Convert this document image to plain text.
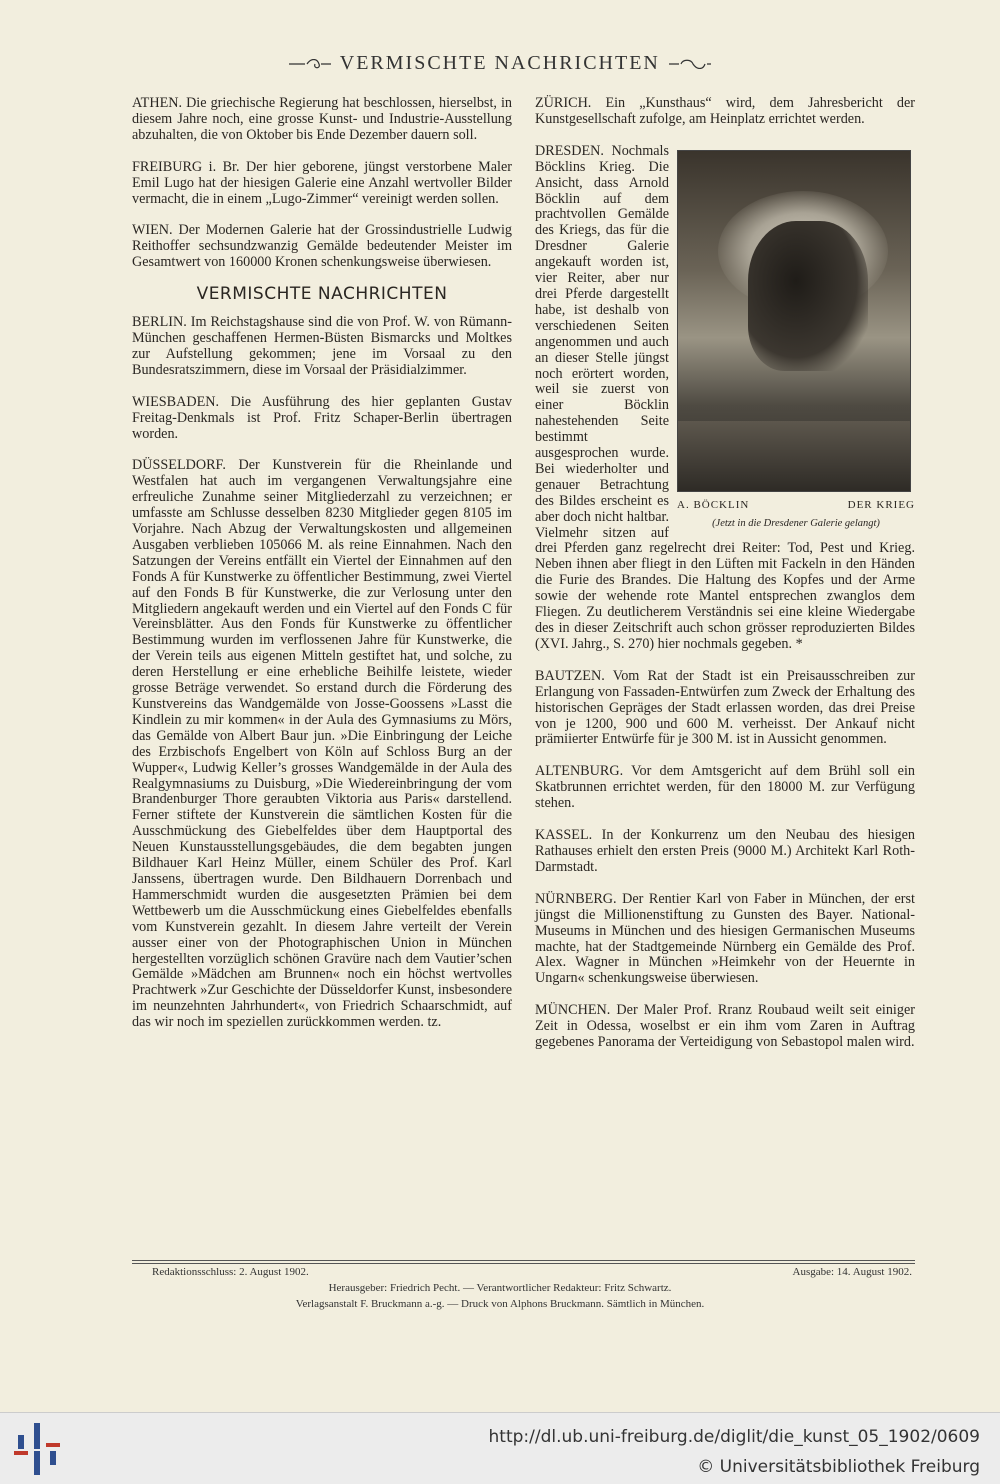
VERMISCHTE NACHRICHTEN

ATHEN. Die griechische Regierung hat beschlossen, hierselbst, in diesem Jahre noch, eine grosse Kunst- und Industrie-Ausstellung abzuhalten, die von Oktober bis Ende Dezember dauern soll.

FREIBURG i. Br. Der hier geborene, jüngst verstorbene Maler Emil Lugo hat der hiesigen Galerie eine Anzahl wertvoller Bilder vermacht, die in einem „Lugo-Zimmer“ vereinigt werden sollen.

WIEN. Der Modernen Galerie hat der Grossindustrielle Ludwig Reithoffer sechsundzwanzig Gemälde bedeutender Meister im Gesamtwert von 160000 Kronen schenkungsweise überwiesen.

VERMISCHTE NACHRICHTEN

BERLIN. Im Reichstagshause sind die von Prof. W. von Rümann-München geschaffenen Hermen-Büsten Bismarcks und Moltkes zur Aufstellung gekommen; jene im Vorsaal zu den Bundesratszimmern, diese im Vorsaal der Präsidialzimmer.

WIESBADEN. Die Ausführung des hier geplanten Gustav Freitag-Denkmals ist Prof. Fritz Schaper-Berlin übertragen worden.

DÜSSELDORF. Der Kunstverein für die Rheinlande und Westfalen hat auch im vergangenen Verwaltungsjahre eine erfreuliche Zunahme seiner Mitgliederzahl zu verzeichnen; er umfasste am Schlusse desselben 8230 Mitglieder gegen 8105 im Vorjahre. Nach Abzug der Verwaltungskosten und allgemeinen Ausgaben verblieben 105066 M. als reine Einnahmen. Nach den Satzungen der Vereins entfällt ein Viertel der Einnahmen auf den Fonds A für Kunstwerke zu öffentlicher Bestimmung, zwei Viertel auf den Fonds B für Kunstwerke, die zur Verlosung unter den Mitgliedern angekauft werden und ein Viertel auf den Fonds C für Vereinsblätter. Aus den Fonds für Kunstwerke zu öffentlicher Bestimmung wurden im verflossenen Jahre für Kunstwerke, die der Verein teils aus eigenen Mitteln gestiftet hat, und solche, zu deren Herstellung er eine erhebliche Beihilfe leistete, wieder grosse Beträge verwendet. So erstand durch die Förderung des Kunstvereins das Wandgemälde von Josse-Goossens »Lasst die Kindlein zu mir kommen« in der Aula des Gymnasiums zu Mörs, das Gemälde von Albert Baur jun. »Die Einbringung der Leiche des Erzbischofs Engelbert von Köln auf Schloss Burg an der Wupper«, Ludwig Keller’s grosses Wandgemälde in der Aula des Realgymnasiums zu Duisburg, »Die Wiedereinbringung der vom Brandenburger Thore geraubten Viktoria aus Paris« darstellend. Ferner stiftete der Kunstverein die sämtlichen Kosten für die Ausschmückung des Giebelfeldes über dem Hauptportal des Neuen Kunstausstellungsgebäudes, die dem begabten jungen Bildhauer Karl Heinz Müller, einem Schüler des Prof. Karl Janssens, übertragen wurde. Den Bildhauern Dorrenbach und Hammerschmidt wurden die ausgesetzten Prämien bei dem Wettbewerb um die Ausschmückung eines Giebelfeldes ebenfalls vom Kunstverein gezahlt. In diesem Jahre verteilt der Verein ausser einer von der Photographischen Union in München hergestellten vorzüglich schönen Gravüre nach dem Vautier’schen Gemälde »Mädchen am Brunnen« noch ein höchst wertvolles Prachtwerk »Zur Geschichte der Düsseldorfer Kunst, insbesondere im neunzehnten Jahrhundert«, von Friedrich Schaarschmidt, auf das wir noch im speziellen zurückkommen werden. tz.

ZÜRICH. Ein „Kunsthaus“ wird, dem Jahresbericht der Kunstgesellschaft zufolge, am Heinplatz errichtet werden.

A. BÖCKLIN	DER KRIEG
(Jetzt in die Dresdener Galerie gelangt)

DRESDEN. Nochmals Böcklins Krieg. Die Ansicht, dass Arnold Böcklin auf dem prachtvollen Gemälde des Kriegs, das für die Dresdner Galerie angekauft worden ist, vier Reiter, aber nur drei Pferde dargestellt habe, ist deshalb von verschiedenen Seiten angenommen und auch an dieser Stelle jüngst noch erörtert worden, weil sie zuerst von einer Böcklin nahestehenden Seite bestimmt ausgesprochen wurde. Bei wiederholter und genauer Betrachtung des Bildes erscheint es aber doch nicht haltbar. Vielmehr sitzen auf drei Pferden ganz regelrecht drei Reiter: Tod, Pest und Krieg. Neben ihnen aber fliegt in den Lüften mit Fackeln in den Händen die Furie des Brandes. Die Haltung des Kopfes und der Arme sowie der wehende rote Mantel entsprechen zwanglos dem Fliegen. Zu deutlicherem Verständnis sei eine kleine Wiedergabe des in dieser Zeitschrift auch schon grösser reproduzierten Bildes (XVI. Jahrg., S. 270) hier nochmals gegeben. *

BAUTZEN. Vom Rat der Stadt ist ein Preisausschreiben zur Erlangung von Fassaden-Entwürfen zum Zweck der Erhaltung des historischen Gepräges der Stadt erlassen worden, das drei Preise von je 1200, 900 und 600 M. verheisst. Der Ankauf nicht prämiierter Entwürfe für je 300 M. ist in Aussicht genommen.

ALTENBURG. Vor dem Amtsgericht auf dem Brühl soll ein Skatbrunnen errichtet werden, für den 18000 M. zur Verfügung stehen.

KASSEL. In der Konkurrenz um den Neubau des hiesigen Rathauses erhielt den ersten Preis (9000 M.) Architekt Karl Roth-Darmstadt.

NÜRNBERG. Der Rentier Karl von Faber in München, der erst jüngst die Millionenstiftung zu Gunsten des Bayer. National-Museums in München und des hiesigen Germanischen Museums machte, hat der Stadtgemeinde Nürnberg ein Gemälde des Prof. Alex. Wagner in München »Heimkehr von der Heuernte in Ungarn« schenkungsweise überwiesen.

MÜNCHEN. Der Maler Prof. Rranz Roubaud weilt seit einiger Zeit in Odessa, woselbst er ein ihm vom Zaren in Auftrag gegebenes Panorama der Verteidigung von Sebastopol malen wird.

Redaktionsschluss: 2. August 1902.	Ausgabe: 14. August 1902.
Herausgeber: Friedrich Pecht. — Verantwortlicher Redakteur: Fritz Schwartz.
Verlagsanstalt F. Bruckmann a.-g. — Druck von Alphons Bruckmann. Sämtlich in München.
http://dl.ub.uni-freiburg.de/diglit/die_kunst_05_1902/0609
© Universitätsbibliothek Freiburg
